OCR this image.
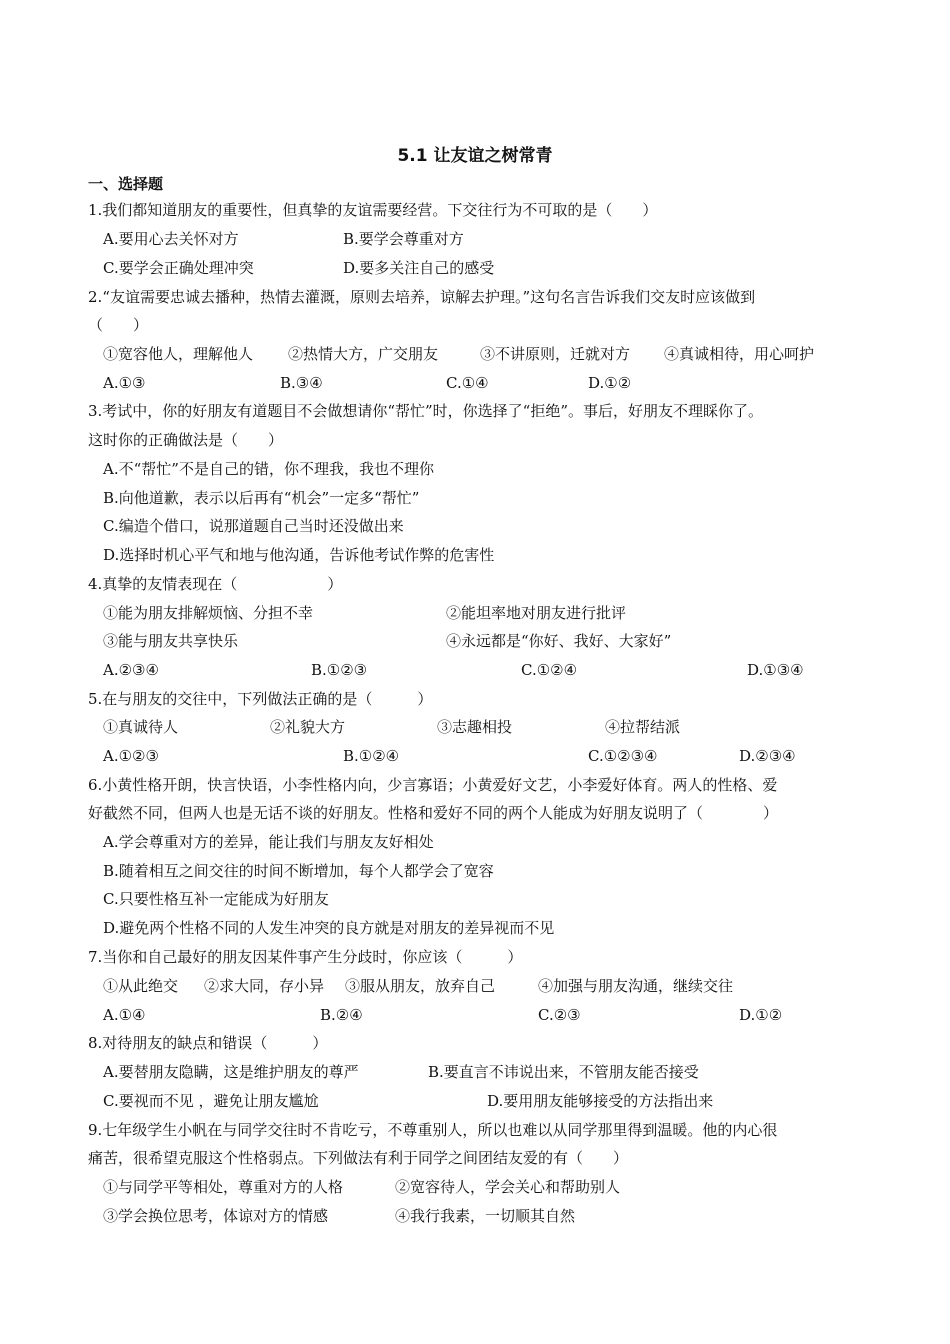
5.1 让友谊之树常青
一、选择题
1.我们都知道朋友的重要性，但真挚的友谊需要经营。下交往行为不可取的是（　　）
A.要用心去关怀对方	B.要学会尊重对方
C.要学会正确处理冲突	D.要多关注自己的感受
2.“友谊需要忠诚去播种，热情去灌溉，原则去培养，谅解去护理。”这句名言告诉我们交友时应该做到
（　　）
①宽容他人，理解他人 ②热情大方，广交朋友	③不讲原则，迁就对方 ④真诚相待，用心呵护
A.①③	B.③④	C.①④	D.①②
3.考试中，你的好朋友有道题目不会做想请你“帮忙”时，你选择了“拒绝”。事后，好朋友不理睬你了。
这时你的正确做法是（　　）
A.不“帮忙”不是自己的错，你不理我，我也不理你
B.向他道歉，表示以后再有“机会”一定多“帮忙”
C.编造个借口，说那道题自己当时还没做出来
D.选择时机心平气和地与他沟通，告诉他考试作弊的危害性
4.真挚的友情表现在（　　　　　　）
①能为朋友排解烦恼、分担不幸	②能坦率地对朋友进行批评
③能与朋友共享快乐	④永远都是“你好、我好、大家好”
A.②③④	B.①②③	C.①②④	D.①③④
5.在与朋友的交往中，下列做法正确的是（　　　）
①真诚待人	②礼貌大方	③志趣相投	④拉帮结派
A.①②③	B.①②④	C.①②③④	D.②③④
6.小黄性格开朗，快言快语，小李性格内向，少言寡语；小黄爱好文艺，小李爱好体育。两人的性格、爱
好截然不同，但两人也是无话不谈的好朋友。性格和爱好不同的两个人能成为好朋友说明了（　　　　）
A.学会尊重对方的差异，能让我们与朋友友好相处
B.随着相互之间交往的时间不断增加，每个人都学会了宽容
C.只要性格互补一定能成为好朋友
D.避免两个性格不同的人发生冲突的良方就是对朋友的差异视而不见
7.当你和自己最好的朋友因某件事产生分歧时，你应该（　　　）
①从此绝交 ②求大同，存小异 ③服从朋友，放弃自己	④加强与朋友沟通，继续交往
A.①④	B.②④	C.②③	D.①②
8.对待朋友的缺点和错误（　　　）
A.要替朋友隐瞒，这是维护朋友的尊严	B.要直言不讳说出来，不管朋友能否接受
C.要视而不见 ，避免让朋友尴尬	D.要用朋友能够接受的方法指出来
9.七年级学生小帆在与同学交往时不肯吃亏，不尊重别人，所以也难以从同学那里得到温暖。他的内心很
痛苦，很希望克服这个性格弱点。下列做法有利于同学之间团结友爱的有（　　）
①与同学平等相处，尊重对方的人格	②宽容待人，学会关心和帮助别人
③学会换位思考，体谅对方的情感	④我行我素，一切顺其自然
